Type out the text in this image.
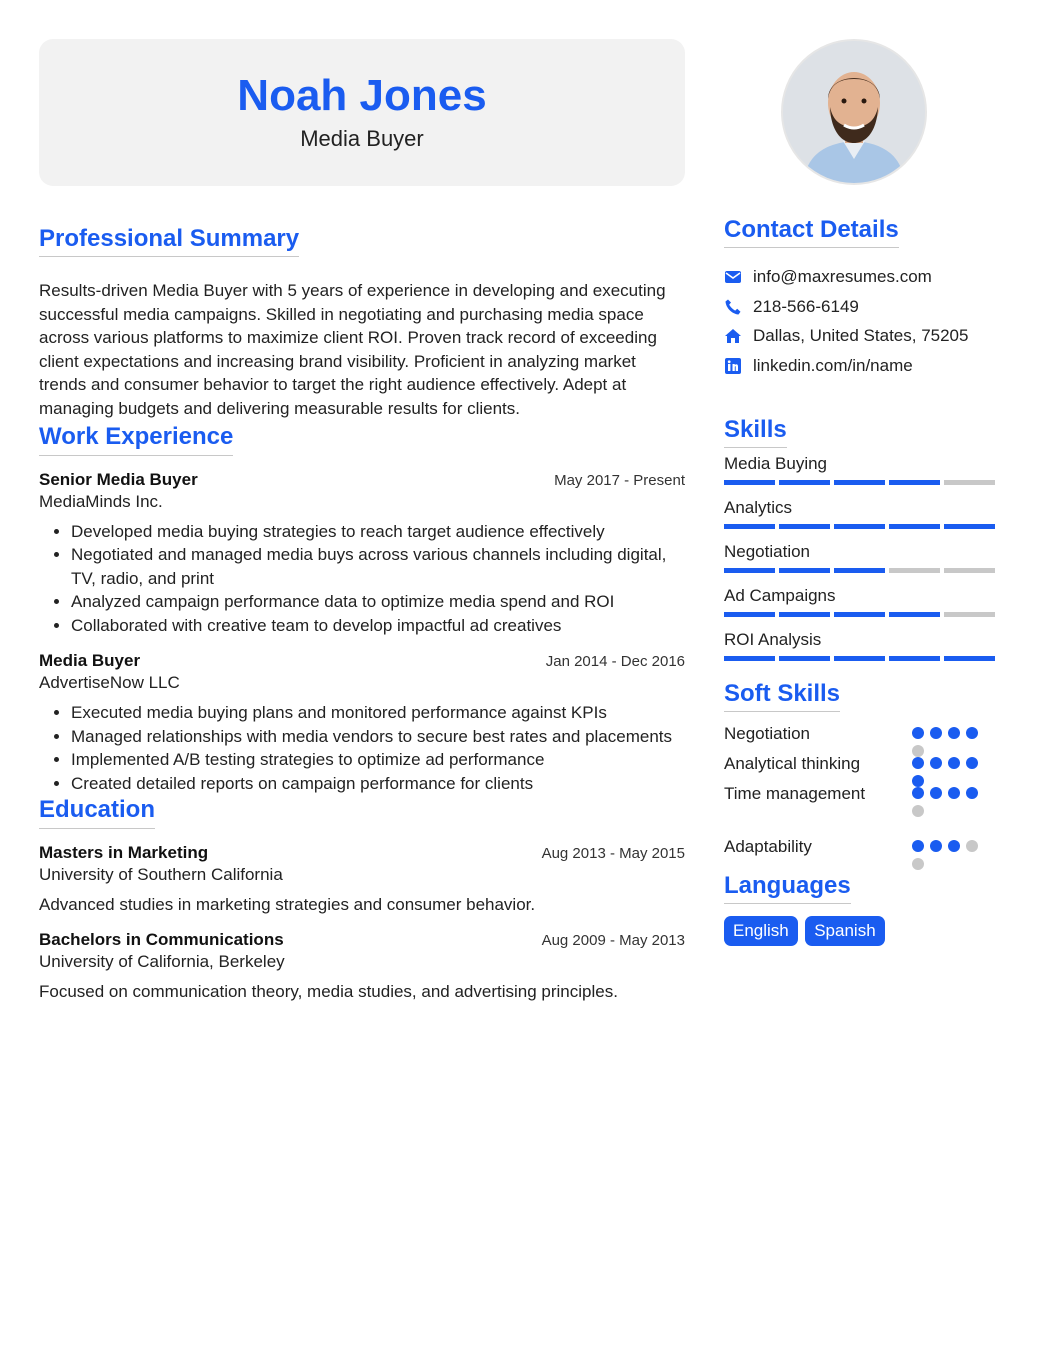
Noah Jones
Media Buyer
Professional Summary

Results-driven Media Buyer with 5 years of experience in developing and executing successful media campaigns. Skilled in negotiating and purchasing media space across various platforms to maximize client ROI. Proven track record of exceeding client expectations and increasing brand visibility. Proficient in analyzing market trends and consumer behavior to target the right audience effectively. Adept at managing budgets and delivering measurable results for clients.

Work Experience
Senior Media Buyer	May 2017 - Present
MediaMinds Inc.
• Developed media buying strategies to reach target audience effectively
• Negotiated and managed media buys across various channels including digital, TV, radio, and print
• Analyzed campaign performance data to optimize media spend and ROI
• Collaborated with creative team to develop impactful ad creatives
Media Buyer	Jan 2014 - Dec 2016
AdvertiseNow LLC
• Executed media buying plans and monitored performance against KPIs
• Managed relationships with media vendors to secure best rates and placements
• Implemented A/B testing strategies to optimize ad performance
• Created detailed reports on campaign performance for clients
Education
Masters in Marketing	Aug 2013 - May 2015
University of Southern California

Advanced studies in marketing strategies and consumer behavior.

Bachelors in Communications	Aug 2009 - May 2013
University of California, Berkeley

Focused on communication theory, media studies, and advertising principles.

Contact Details
info@maxresumes.com
218-566-6149
Dallas, United States, 75205
linkedin.com/in/name
Skills
Media Buying
Analytics
Negotiation
Ad Campaigns
ROI Analysis
Soft Skills
Negotiation
Analytical thinking
Time management
Adaptability
Languages
English Spanish
